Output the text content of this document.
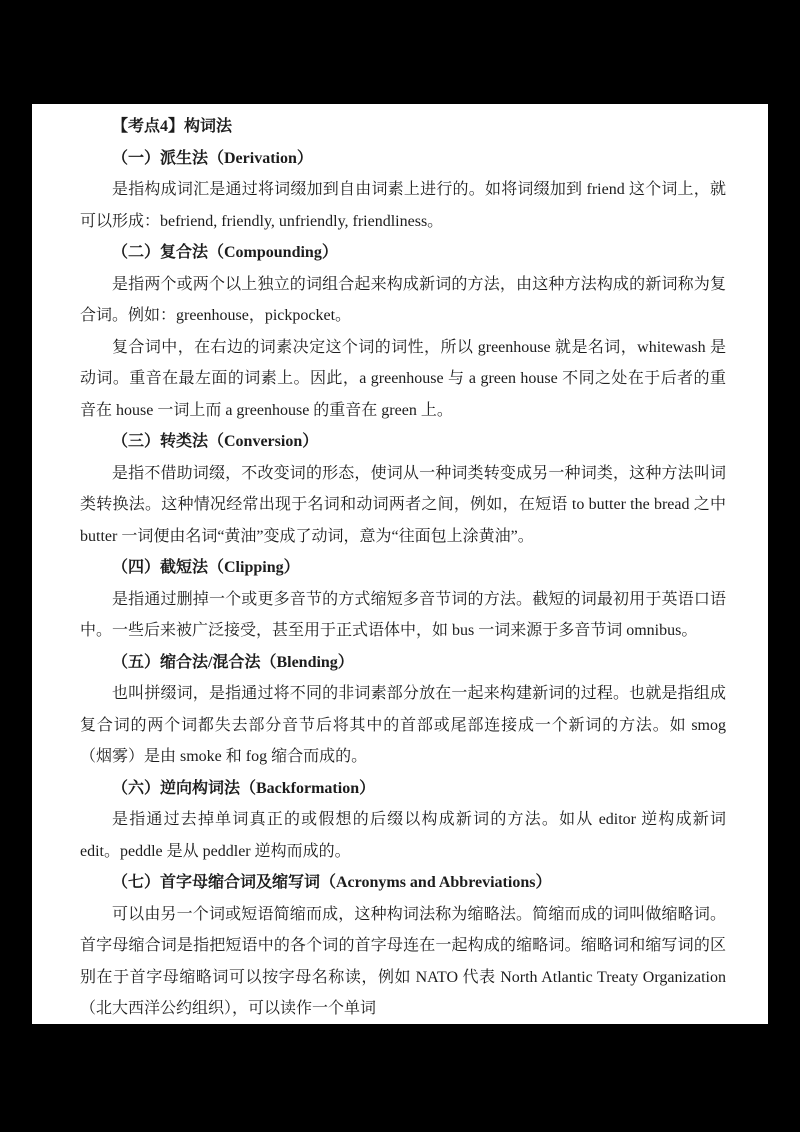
【考点4】构词法

（一）派生法（Derivation）

是指构成词汇是通过将词缀加到自由词素上进行的。如将词缀加到 friend 这个词上，就可以形成：befriend, friendly, unfriendly, friendliness。

（二）复合法（Compounding）

是指两个或两个以上独立的词组合起来构成新词的方法，由这种方法构成的新词称为复合词。例如：greenhouse，pickpocket。

复合词中，在右边的词素决定这个词的词性，所以 greenhouse 就是名词，whitewash 是动词。重音在最左面的词素上。因此，a greenhouse 与 a green house 不同之处在于后者的重音在 house 一词上而 a greenhouse 的重音在 green 上。

（三）转类法（Conversion）

是指不借助词缀，不改变词的形态，使词从一种词类转变成另一种词类，这种方法叫词类转换法。这种情况经常出现于名词和动词两者之间，例如，在短语 to butter the bread 之中 butter 一词便由名词“黄油”变成了动词，意为“往面包上涂黄油”。

（四）截短法（Clipping）

是指通过删掉一个或更多音节的方式缩短多音节词的方法。截短的词最初用于英语口语中。一些后来被广泛接受，甚至用于正式语体中，如 bus 一词来源于多音节词 omnibus。

（五）缩合法/混合法（Blending）

也叫拼缀词，是指通过将不同的非词素部分放在一起来构建新词的过程。也就是指组成复合词的两个词都失去部分音节后将其中的首部或尾部连接成一个新词的方法。如 smog（烟雾）是由 smoke 和 fog 缩合而成的。

（六）逆向构词法（Backformation）

是指通过去掉单词真正的或假想的后缀以构成新词的方法。如从 editor 逆构成新词 edit。peddle 是从 peddler 逆构而成的。

（七）首字母缩合词及缩写词（Acronyms and Abbreviations）

可以由另一个词或短语简缩而成，这种构词法称为缩略法。简缩而成的词叫做缩略词。首字母缩合词是指把短语中的各个词的首字母连在一起构成的缩略词。缩略词和缩写词的区别在于首字母缩略词可以按字母名称读，例如 NATO 代表 North Atlantic Treaty Organization（北大西洋公约组织），可以读作一个单词
